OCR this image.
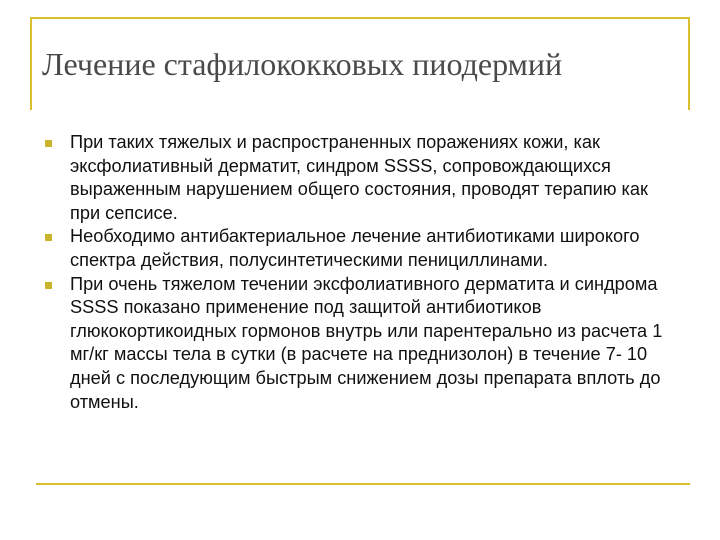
Лечение стафилококковых пиодермий
При таких тяжелых и распространенных поражениях кожи, как эксфолиативный дерматит, синдром SSSS, сопровождающихся выраженным нарушением общего состояния, проводят терапию как при сепсисе.
Необходимо антибактериальное лечение антибиотиками широкого спектра действия, полусинтетическими пенициллинами.
При очень тяжелом течении эксфолиативного дерматита и синдрома SSSS показано применение под защитой антибиотиков глюкокортикоидных гормонов внутрь или парентерально из расчета 1 мг/кг массы тела в сутки (в расчете на преднизолон) в течение 7- 10 дней с последующим быстрым снижением дозы препарата вплоть до отмены.
